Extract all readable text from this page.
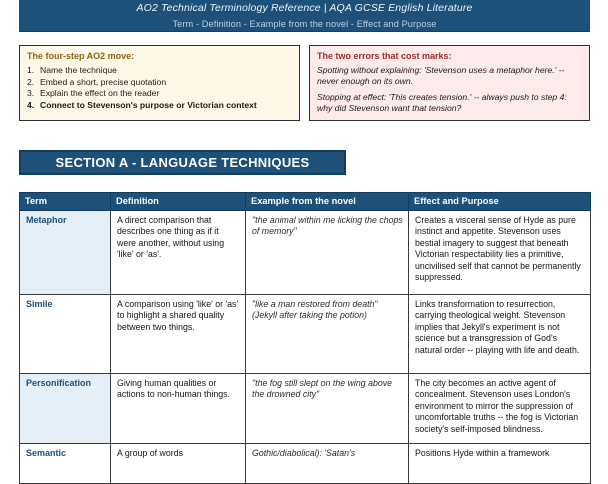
AO2 Technical Terminology Reference | AQA GCSE English Literature
Term - Definition - Example from the novel - Effect and Purpose
The four-step AO2 move:
1. Name the technique
2. Embed a short, precise quotation
3. Explain the effect on the reader
4. Connect to Stevenson's purpose or Victorian context
The two errors that cost marks:

Spotting without explaining: 'Stevenson uses a metaphor here.' -- never enough on its own.

Stopping at effect: 'This creates tension.' -- always push to step 4: why did Stevenson want that tension?

SECTION A - LANGUAGE TECHNIQUES
Term	Definition	Example from the novel	Effect and Purpose
Metaphor	A direct comparison that describes one thing as if it were another, without using 'like' or 'as'.	"the animal within me licking the chops of memory"	Creates a visceral sense of Hyde as pure instinct and appetite. Stevenson uses bestial imagery to suggest that beneath Victorian respectability lies a primitive, uncivilised self that cannot be permanently suppressed.
Simile	A comparison using 'like' or 'as' to highlight a shared quality between two things.	"like a man restored from death" (Jekyll after taking the potion)	Links transformation to resurrection, carrying theological weight. Stevenson implies that Jekyll's experiment is not science but a transgression of God's natural order -- playing with life and death.
Personification	Giving human qualities or actions to non-human things.	"the fog still slept on the wing above the drowned city"	The city becomes an active agent of concealment. Stevenson uses London's environment to mirror the suppression of uncomfortable truths -- the fog is Victorian society's self-imposed blindness.
Semantic	A group of words	Gothic/diabolical): 'Satan's	Positions Hyde within a framework
